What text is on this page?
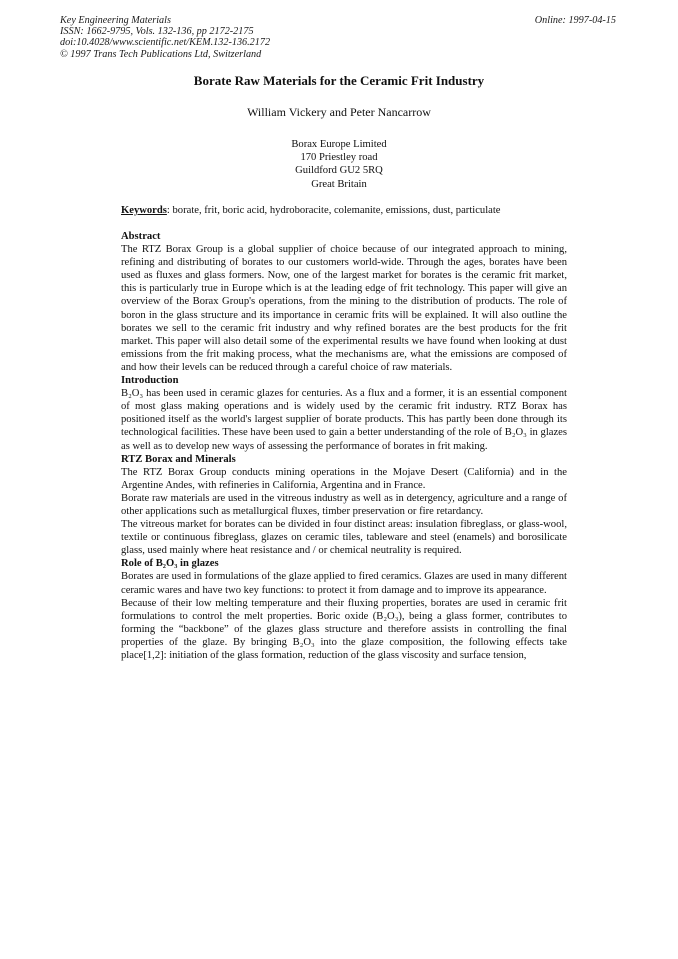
Key Engineering Materials
ISSN: 1662-9795, Vols. 132-136, pp 2172-2175
doi:10.4028/www.scientific.net/KEM.132-136.2172
© 1997 Trans Tech Publications Ltd, Switzerland
Online: 1997-04-15
Borate Raw Materials for the Ceramic Frit Industry
William Vickery and Peter Nancarrow
Borax Europe Limited
170 Priestley road
Guildford GU2 5RQ
Great Britain
Keywords: borate, frit, boric acid, hydroboracite, colemanite, emissions, dust, particulate
Abstract

The RTZ Borax Group is a global supplier of choice because of our integrated approach to mining, refining and distributing of borates to our customers world-wide. Through the ages, borates have been used as fluxes and glass formers. Now, one of the largest market for borates is the ceramic frit market, this is particularly true in Europe which is at the leading edge of frit technology. This paper will give an overview of the Borax Group's operations, from the mining to the distribution of products. The role of boron in the glass structure and its importance in ceramic frits will be explained. It will also outline the borates we sell to the ceramic frit industry and why refined borates are the best products for the frit market. This paper will also detail some of the experimental results we have found when looking at dust emissions from the frit making process, what the mechanisms are, what the emissions are composed of and how their levels can be reduced through a careful choice of raw materials.

Introduction

B₂O₃ has been used in ceramic glazes for centuries. As a flux and a former, it is an essential component of most glass making operations and is widely used by the ceramic frit industry. RTZ Borax has positioned itself as the world's largest supplier of borate products. This has partly been done through its technological facilities. These have been used to gain a better understanding of the role of B₂O₃ in glazes as well as to develop new ways of assessing the performance of borates in frit making.

RTZ Borax and Minerals

The RTZ Borax Group conducts mining operations in the Mojave Desert (California) and in the Argentine Andes, with refineries in California, Argentina and in France.

Borate raw materials are used in the vitreous industry as well as in detergency, agriculture and a range of other applications such as metallurgical fluxes, timber preservation or fire retardancy.

The vitreous market for borates can be divided in four distinct areas: insulation fibreglass, or glass-wool, textile or continuous fibreglass, glazes on ceramic tiles, tableware and steel (enamels) and borosilicate glass, used mainly where heat resistance and / or chemical neutrality is required.

Role of B₂O₃ in glazes

Borates are used in formulations of the glaze applied to fired ceramics. Glazes are used in many different ceramic wares and have two key functions: to protect it from damage and to improve its appearance.

Because of their low melting temperature and their fluxing properties, borates are used in ceramic frit formulations to control the melt properties. Boric oxide (B₂O₃), being a glass former, contributes to forming the “backbone” of the glazes glass structure and therefore assists in controlling the final properties of the glaze. By bringing B₂O₃ into the glaze composition, the following effects take place[1,2]: initiation of the glass formation, reduction of the glass viscosity and surface tension,
